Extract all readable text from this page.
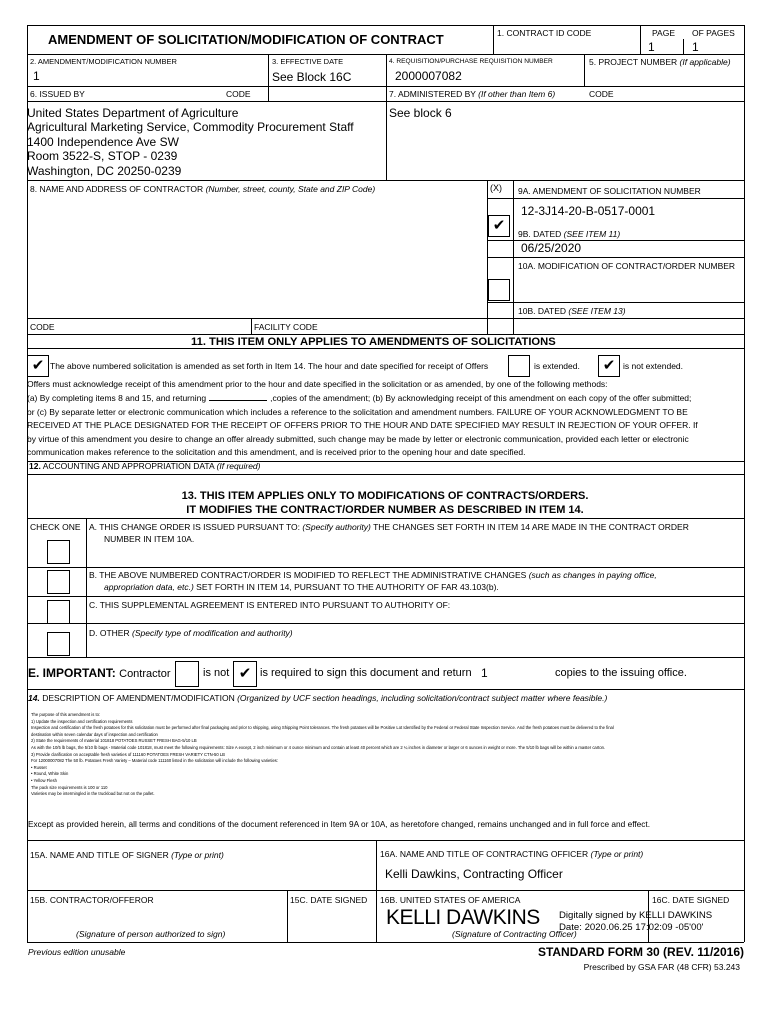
AMENDMENT OF SOLICITATION/MODIFICATION OF CONTRACT	1. CONTRACT ID CODE	PAGE OF PAGES
1	1
2. AMENDMENT/MODIFICATION NUMBER
1
3. EFFECTIVE DATE
See Block 16C
4. REQUISITION/PURCHASE REQUISITION NUMBER
2000007082
5. PROJECT NUMBER (If applicable)
6. ISSUED BY	CODE
United States Department of Agriculture
Agricultural Marketing Service, Commodity Procurement Staff
1400 Independence Ave SW
Room 3522-S, STOP - 0239
Washington, DC 20250-0239
7. ADMINISTERED BY (If other than Item 6)	CODE
See block 6
8. NAME AND ADDRESS OF CONTRACTOR (Number, street, county, State and ZIP Code)	(X) 9A. AMENDMENT OF SOLICITATION NUMBER
12-3J14-20-B-0517-0001
✔	9B. DATED (SEE ITEM 11)
06/25/2020
10A. MODIFICATION OF CONTRACT/ORDER NUMBER
10B. DATED (SEE ITEM 13)
CODE	FACILITY CODE
11. THIS ITEM ONLY APPLIES TO AMENDMENTS OF SOLICITATIONS
✔ The above numbered solicitation is amended as set forth in Item 14. The hour and date specified for receipt of Offers	is extended.	✔ is not extended.
Offers must acknowledge receipt of this amendment prior to the hour and date specified in the solicitation or as amended, by one of the following methods:
(a) By completing items 8 and 15, and returning	,copies of the amendment; (b) By acknowledging receipt of this amendment on each copy of the offer submitted;
or (c) By separate letter or electronic communication which includes a reference to the solicitation and amendment numbers. FAILURE OF YOUR ACKNOWLEDGMENT TO BE
RECEIVED AT THE PLACE DESIGNATED FOR THE RECEIPT OF OFFERS PRIOR TO THE HOUR AND DATE SPECIFIED MAY RESULT IN REJECTION OF YOUR OFFER. If
by virtue of this amendment you desire to change an offer already submitted, such change may be made by letter or electronic communication, provided each letter or electronic
communication makes reference to the solicitation and this amendment, and is received prior to the opening hour and date specified.
12. ACCOUNTING AND APPROPRIATION DATA (If required)
13. THIS ITEM APPLIES ONLY TO MODIFICATIONS OF CONTRACTS/ORDERS.
IT MODIFIES THE CONTRACT/ORDER NUMBER AS DESCRIBED IN ITEM 14.
CHECK ONE A. THIS CHANGE ORDER IS ISSUED PURSUANT TO: (Specify authority) THE CHANGES SET FORTH IN ITEM 14 ARE MADE IN THE CONTRACT ORDER
NUMBER IN ITEM 10A.
B. THE ABOVE NUMBERED CONTRACT/ORDER IS MODIFIED TO REFLECT THE ADMINISTRATIVE CHANGES (such as changes in paying office,
appropriation data, etc.) SET FORTH IN ITEM 14, PURSUANT TO THE AUTHORITY OF FAR 43.103(b).
C. THIS SUPPLEMENTAL AGREEMENT IS ENTERED INTO PURSUANT TO AUTHORITY OF:
D. OTHER (Specify type of modification and authority)
E. IMPORTANT: Contractor	is not ✔ is required to sign this document and return 1	copies to the issuing office.
14. DESCRIPTION OF AMENDMENT/MODIFICATION (Organized by UCF section headings, including solicitation/contract subject matter where feasible.)
The purpose of this amendment is to:
1) Update the inspection and certification requirements
Inspection and certification of the fresh potatoes for this solicitation must be performed after final packaging and prior to shipping, using Shipping Point tolerances. The fresh potatoes will be Positive Lot Identified by the Federal or Federal State Inspection Service. And the fresh potatoes must be delivered to the final
destination within seven calendar days of inspection and certification
2) State the requirements of material 101818 POTATOES RUSSET FRESH BAG-5/10 LB
As with the 10/5 lb bags, the 5/10 lb bags - Material code 101818, must meet the following requirements: Size A except, 2 inch minimum or 4 ounce minimum and contain at least 40 percent which are 2 ¼ inches in diameter or larger or 6 ounces in weight or more. The 5/10 lb bags will be within a master carton.
3) Provide clarification on acceptable fresh varieties of 111160 POTATOES FRESH VARIETY CTN-50 LB
For 12000007082 The 50 lb. Potatoes Fresh Variety – Material code 111160 listed in the solicitation will include the following varieties:
• Russet
• Round, White Skin
• Yellow Flesh
The pack size requirements is 100 or 110
Varieties may be intermingled in the truckload but not on the pallet.
Except as provided herein, all terms and conditions of the document referenced in Item 9A or 10A, as heretofore changed, remains unchanged and in full force and effect.
15A. NAME AND TITLE OF SIGNER (Type or print)	16A. NAME AND TITLE OF CONTRACTING OFFICER (Type or print)
Kelli Dawkins, Contracting Officer
15B. CONTRACTOR/OFFEROR	15C. DATE SIGNED 16B. UNITED STATES OF AMERICA	16C. DATE SIGNED
KELLI DAWKINS Digitally signed by KELLI DAWKINS
Date: 2020.06.25 17:02:09 -05'00'
(Signature of person authorized to sign)	(Signature of Contracting Officer)
Previous edition unusable	STANDARD FORM 30 (REV. 11/2016)
Prescribed by GSA FAR (48 CFR) 53.243
